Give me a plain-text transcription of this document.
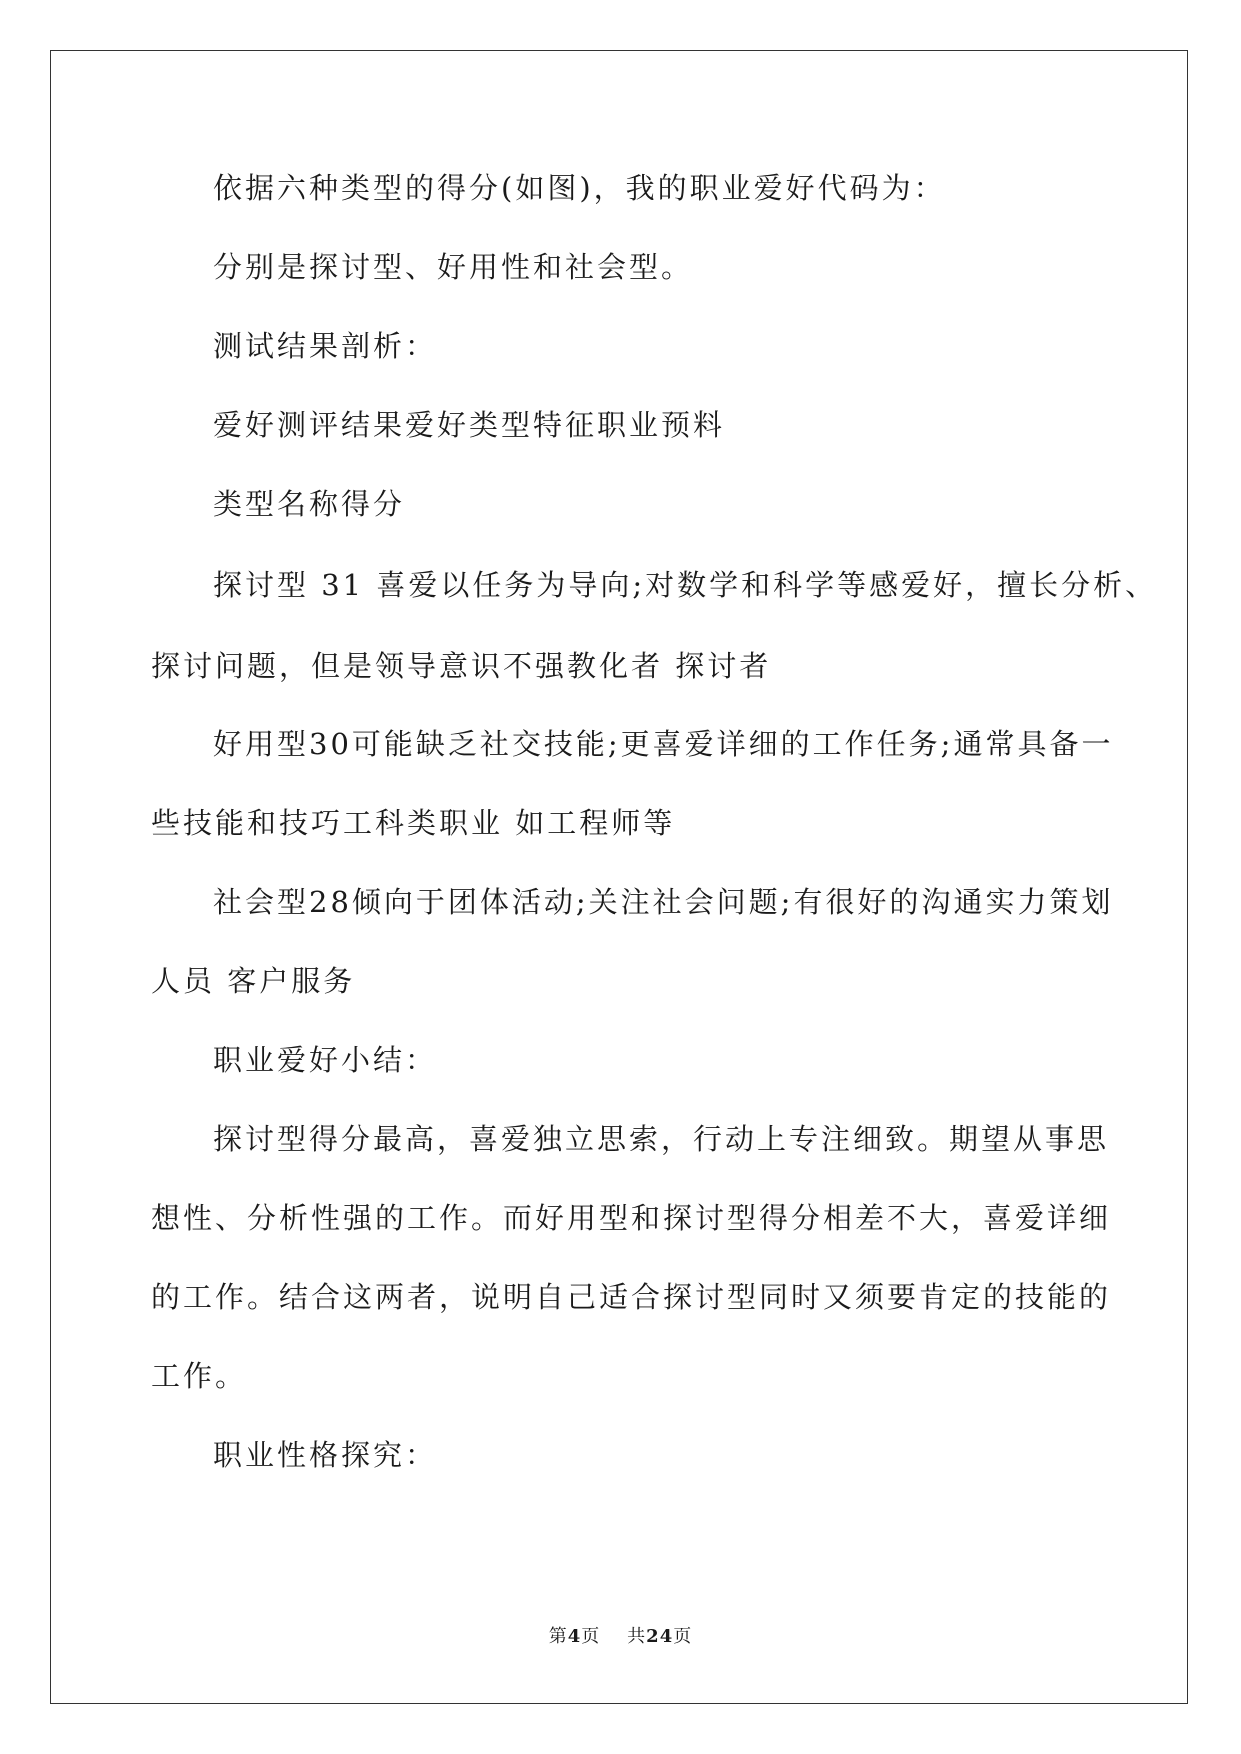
依据六种类型的得分(如图)，我的职业爱好代码为：

分别是探讨型、好用性和社会型。

测试结果剖析：

爱好测评结果爱好类型特征职业预料

类型名称得分

探讨型 31 喜爱以任务为导向;对数学和科学等感爱好，擅长分析、
探讨问题，但是领导意识不强教化者 探讨者

好用型30可能缺乏社交技能;更喜爱详细的工作任务;通常具备一
些技能和技巧工科类职业 如工程师等

社会型28倾向于团体活动;关注社会问题;有很好的沟通实力策划
人员 客户服务

职业爱好小结：

探讨型得分最高，喜爱独立思索，行动上专注细致。期望从事思
想性、分析性强的工作。而好用型和探讨型得分相差不大，喜爱详细
的工作。结合这两者，说明自己适合探讨型同时又须要肯定的技能的
工作。

职业性格探究：

第4页    共24页
